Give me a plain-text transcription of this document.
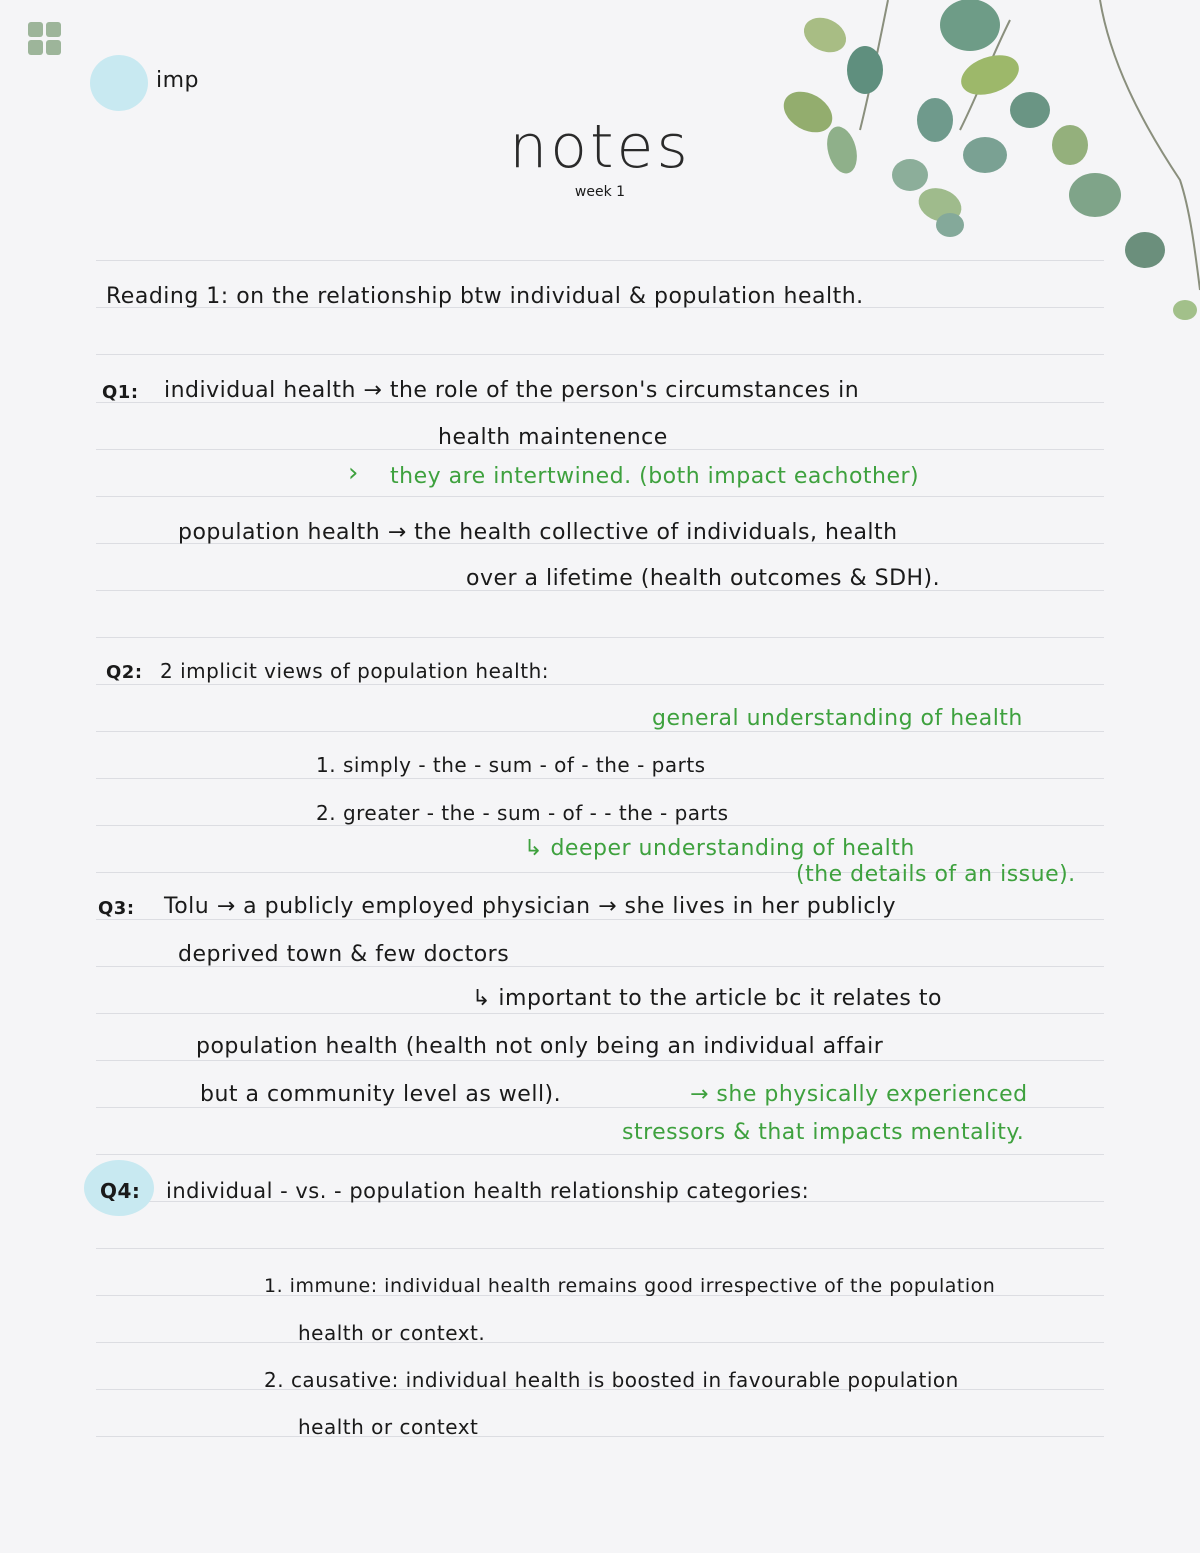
imp
notes
week 1
Reading 1: on the relationship btw individual & population health.
Q1: individual health → the role of the person's circumstances in
health maintenence
› they are intertwined. (both impact eachother)
population health → the health collective of individuals, health
over a lifetime (health outcomes & SDH).
Q2: 2 implicit views of population health:
general understanding of health
1. simply - the - sum - of - the - parts
2. greater - the - sum - of - - the - parts
↳ deeper understanding of health
(the details of an issue).
Q3: Tolu → a publicly employed physician → she lives in her publicly
deprived town & few doctors
↳ important to the article bc it relates to
population health (health not only being an individual affair
but a community level as well).	→ she physically experienced
stressors & that impacts mentality.
Q4: individual - vs. - population health relationship categories:
1. immune: individual health remains good irrespective of the population
health or context.
2. causative: individual health is boosted in favourable population
health or context
